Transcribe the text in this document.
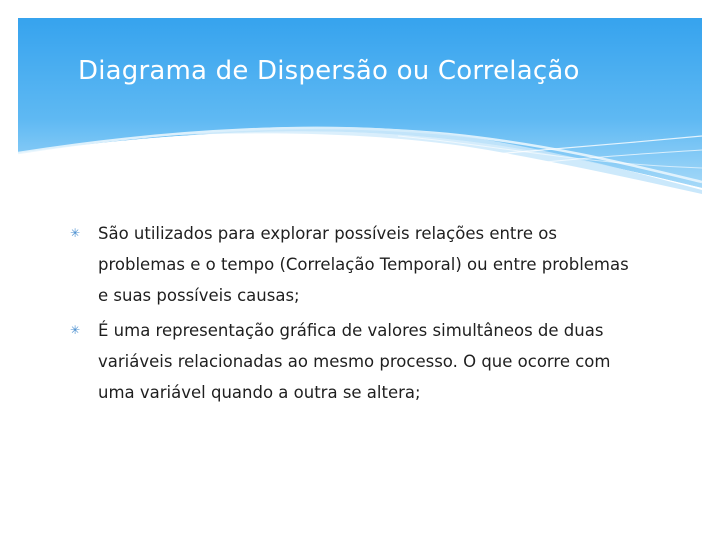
Diagrama de Dispersão ou Correlação
✳ São utilizados para explorar possíveis relações entre os problemas e o tempo (Correlação Temporal) ou entre problemas e suas possíveis causas;
✳ É uma representação gráfica de valores simultâneos de duas variáveis relacionadas ao mesmo processo. O que ocorre com uma variável quando a outra se altera;
